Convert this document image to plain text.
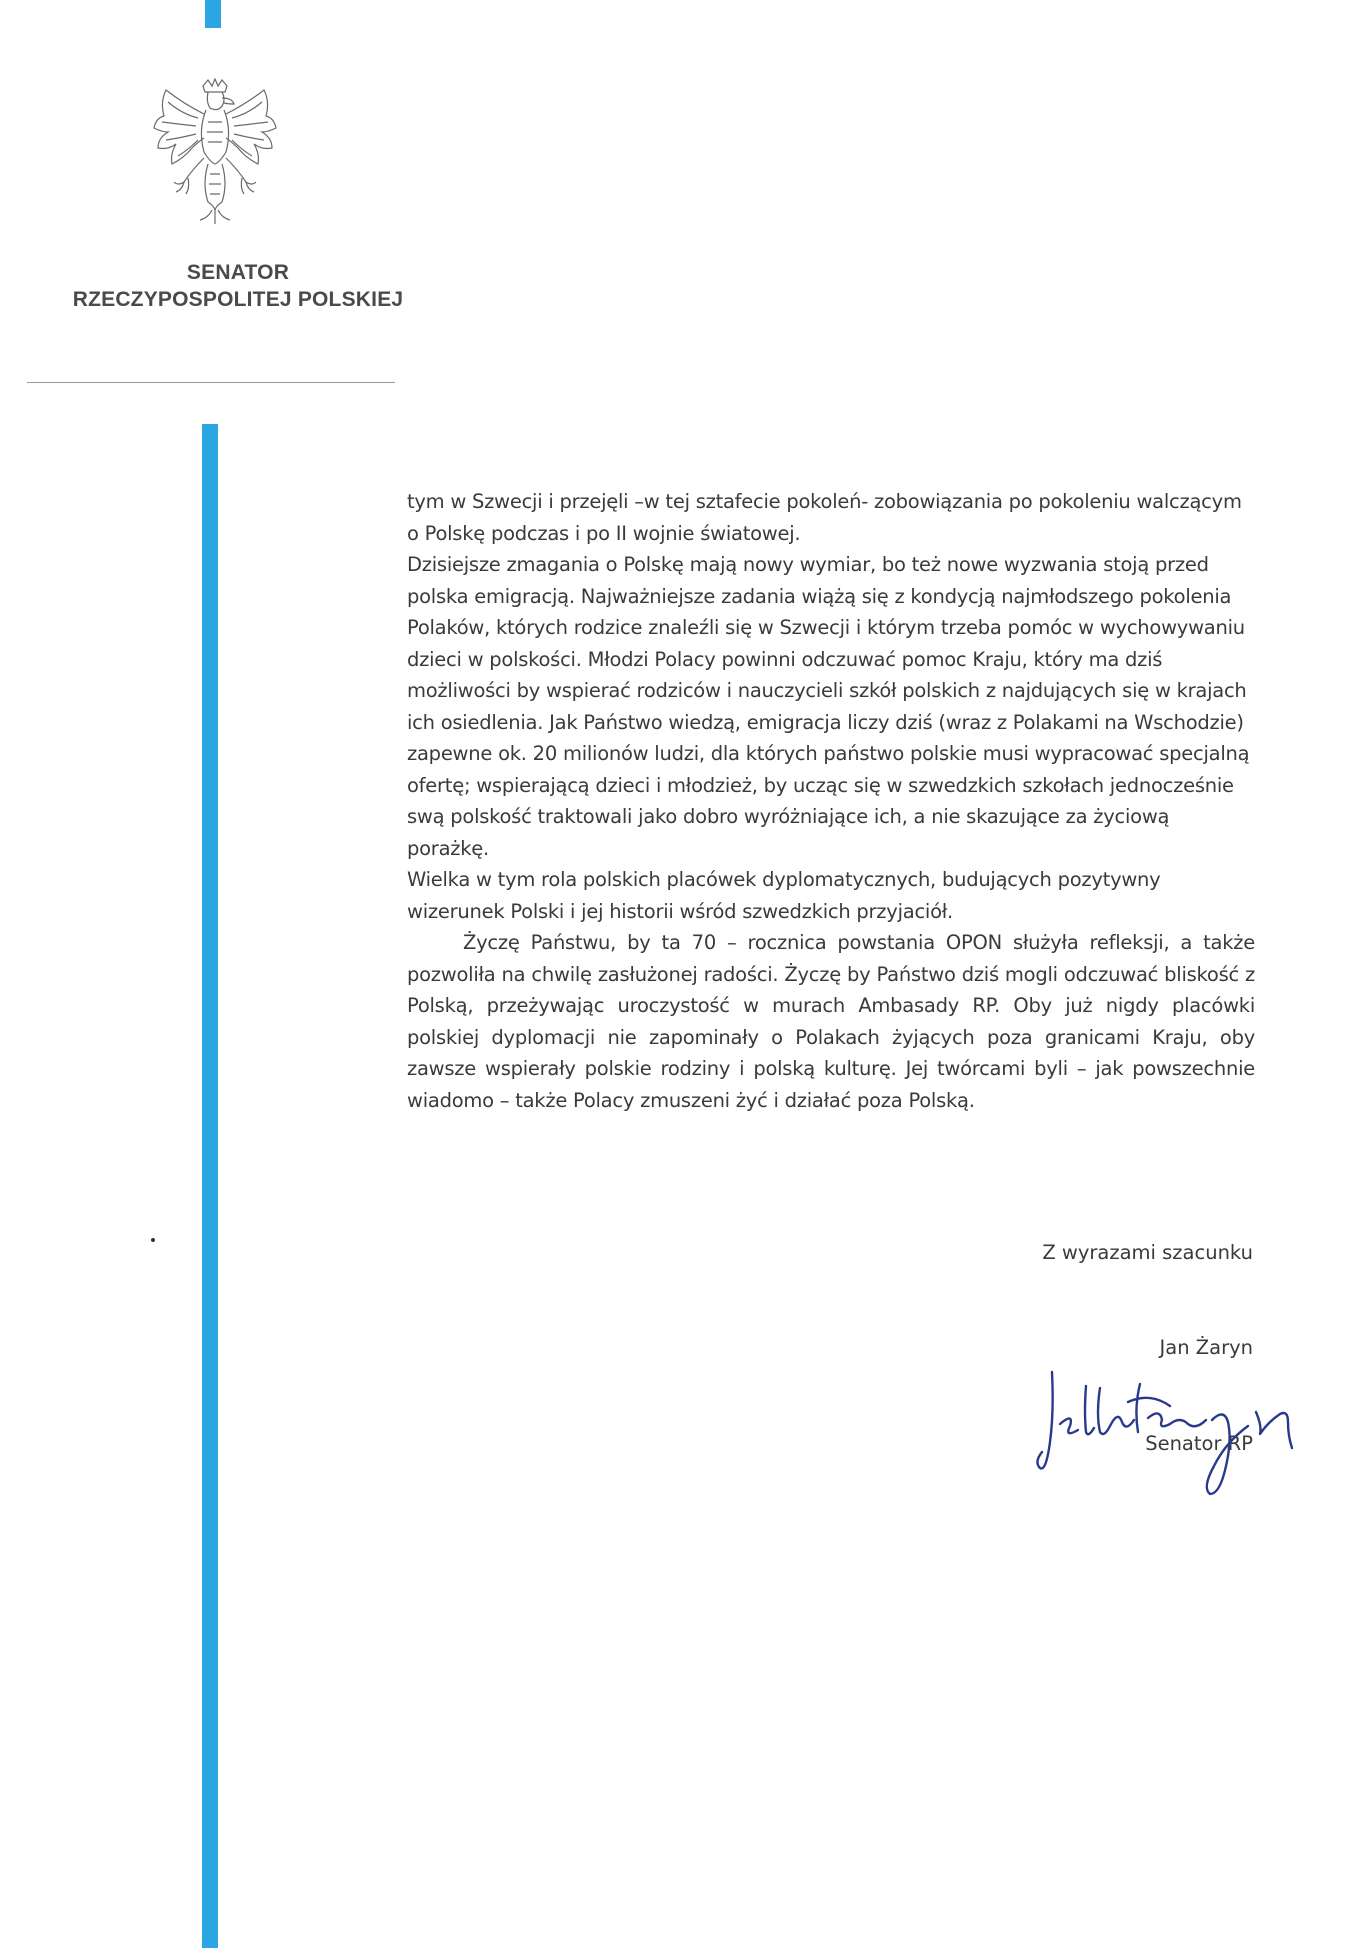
SENATOR
RZECZYPOSPOLITEJ POLSKIEJ

tym w Szwecji i przejęli –w tej sztafecie pokoleń- zobowiązania po pokoleniu walczącym o Polskę podczas i po II wojnie światowej.

Dzisiejsze zmagania o Polskę mają nowy wymiar, bo też nowe wyzwania stoją przed polska emigracją. Najważniejsze zadania wiążą się z kondycją najmłodszego pokolenia Polaków, których rodzice znaleźli się w Szwecji i którym trzeba pomóc w wychowywaniu dzieci w polskości. Młodzi Polacy powinni odczuwać pomoc Kraju, który ma dziś możliwości by wspierać rodziców i nauczycieli szkół polskich z najdujących się w krajach ich osiedlenia. Jak Państwo wiedzą, emigracja liczy dziś (wraz z Polakami na Wschodzie) zapewne ok. 20 milionów ludzi, dla których państwo polskie musi wypracować specjalną ofertę; wspierającą dzieci i młodzież, by ucząc się w szwedzkich szkołach jednocześnie swą polskość traktowali jako dobro wyróżniające ich, a nie skazujące za życiową porażkę.

Wielka w tym rola polskich placówek dyplomatycznych, budujących pozytywny wizerunek Polski i jej historii wśród szwedzkich przyjaciół.

Życzę Państwu, by ta 70 – rocznica powstania OPON służyła refleksji, a także pozwoliła na chwilę zasłużonej radości. Życzę by Państwo dziś mogli odczuwać bliskość z Polską, przeżywając uroczystość w murach Ambasady RP. Oby już nigdy placówki polskiej dyplomacji nie zapominały o Polakach żyjących poza granicami Kraju, oby zawsze wspierały polskie rodziny i polską kulturę. Jej twórcami byli – jak powszechnie wiadomo – także Polacy zmuszeni żyć i działać poza Polską.

Z wyrazami szacunku
Jan Żaryn
Senator RP
